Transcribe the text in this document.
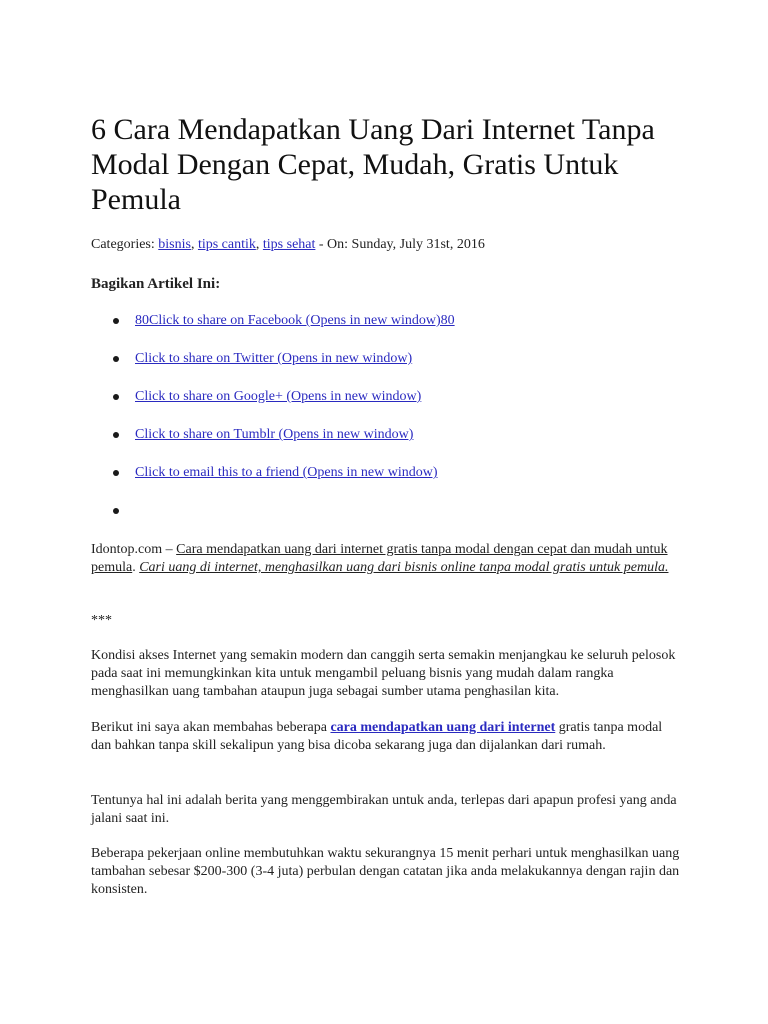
6 Cara Mendapatkan Uang Dari Internet Tanpa Modal Dengan Cepat, Mudah, Gratis Untuk Pemula
Categories: bisnis, tips cantik, tips sehat - On: Sunday, July 31st, 2016
Bagikan Artikel Ini:
80Click to share on Facebook (Opens in new window)80
Click to share on Twitter (Opens in new window)
Click to share on Google+ (Opens in new window)
Click to share on Tumblr (Opens in new window)
Click to email this to a friend (Opens in new window)

Idontop.com – Cara mendapatkan uang dari internet gratis tanpa modal dengan cepat dan mudah untuk pemula. Cari uang di internet, menghasilkan uang dari bisnis online tanpa modal gratis untuk pemula.

***

Kondisi akses Internet yang semakin modern dan canggih serta semakin menjangkau ke seluruh pelosok pada saat ini memungkinkan kita untuk mengambil peluang bisnis yang mudah dalam rangka menghasilkan uang tambahan ataupun juga sebagai sumber utama penghasilan kita.

Berikut ini saya akan membahas beberapa cara mendapatkan uang dari internet gratis tanpa modal dan bahkan tanpa skill sekalipun yang bisa dicoba sekarang juga dan dijalankan dari rumah.

Tentunya hal ini adalah berita yang menggembirakan untuk anda, terlepas dari apapun profesi yang anda jalani saat ini.

Beberapa pekerjaan online membutuhkan waktu sekurangnya 15 menit perhari untuk menghasilkan uang tambahan sebesar $200-300 (3-4 juta) perbulan dengan catatan jika anda melakukannya dengan rajin dan konsisten.
